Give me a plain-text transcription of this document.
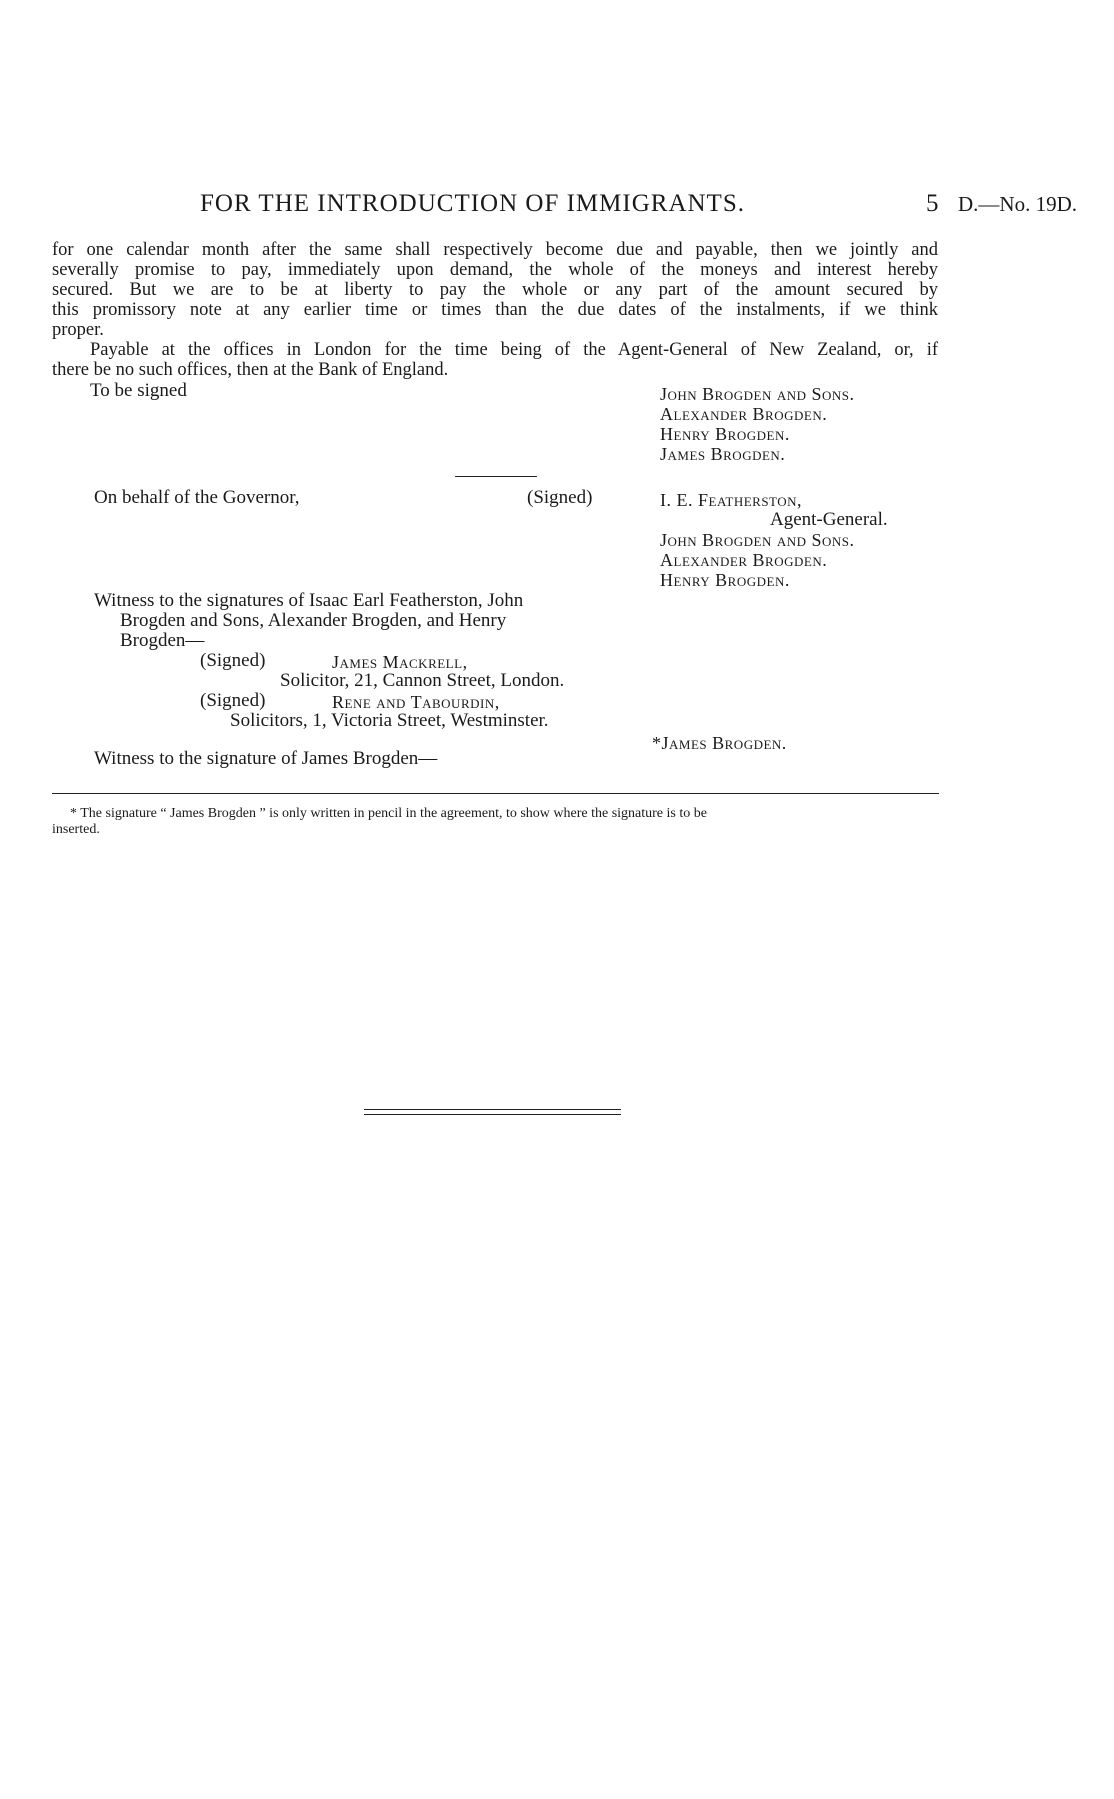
FOR THE INTRODUCTION OF IMMIGRANTS.	5 D.—No. 19D.
for one calendar month after the same shall respectively become due and payable, then we jointly and
severally promise to pay, immediately upon demand, the whole of the moneys and interest hereby
secured. But we are to be at liberty to pay the whole or any part of the amount secured by
this promissory note at any earlier time or times than the due dates of the instalments, if we think
proper.
Payable at the offices in London for the time being of the Agent-General of New Zealand, or, if
there be no such offices, then at the Bank of England.
To be signed	John Brogden and Sons.
Alexander Brogden.
Henry Brogden.
James Brogden.
On behalf of the Governor,	(Signed)	I. E. Featherston,
Agent-General.
John Brogden and Sons.
Alexander Brogden.
Henry Brogden.
Witness to the signatures of Isaac Earl Featherston, John
Brogden and Sons, Alexander Brogden, and Henry
Brogden—
(Signed)	James Mackrell,
Solicitor, 21, Cannon Street, London.
(Signed)	Rene and Tabourdin,
Solicitors, 1, Victoria Street, Westminster.
*James Brogden.
Witness to the signature of James Brogden—
* The signature “ James Brogden ” is only written in pencil in the agreement, to show where the signature is to be
inserted.
